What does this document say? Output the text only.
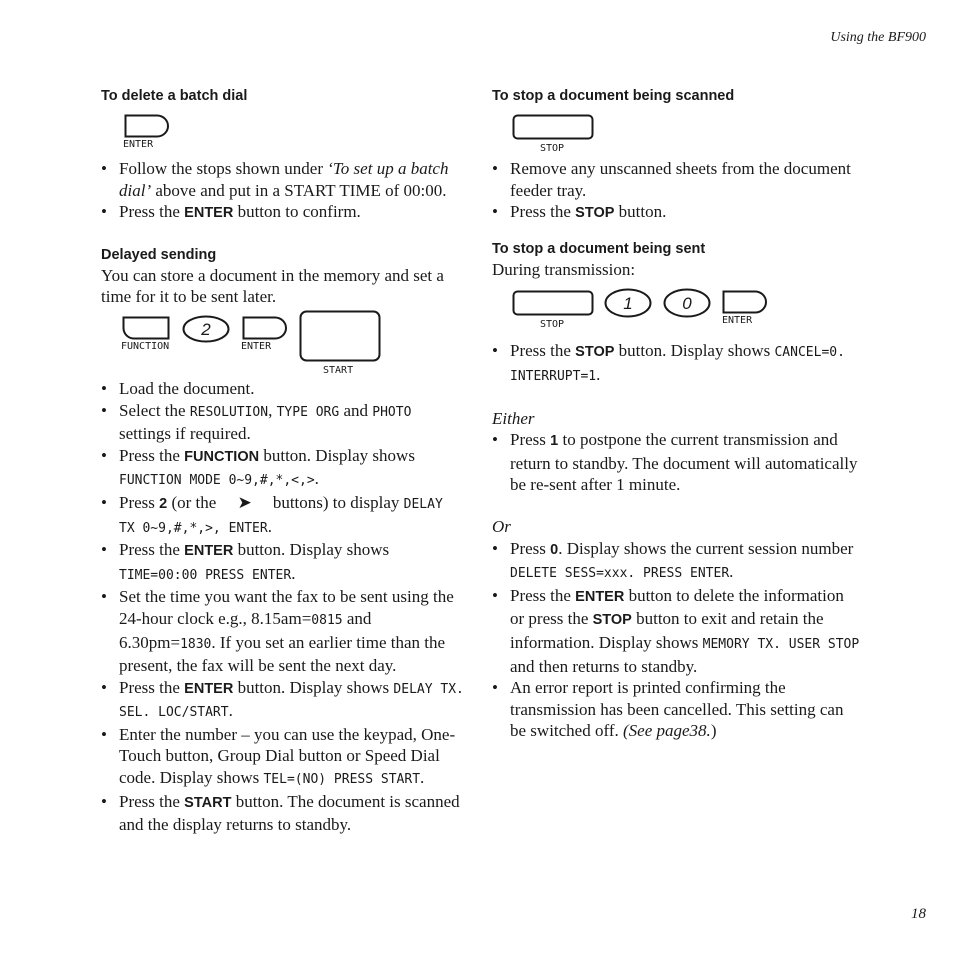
Using the BF900
To delete a batch dial
ENTER
• Follow the stops shown under ‘To set up a batch dial’ above and put in a START TIME of 00:00.
• Press the ENTER button to confirm.
Delayed sending

You can store a document in the memory and set a time for it to be sent later.

FUNCTION
2
ENTER
START
• Load the document.
• Select the RESOLUTION, TYPE ORG and PHOTO settings if required.
• Press the FUNCTION button. Display shows FUNCTION MODE 0~9,#,*,<,>.
• Press 2 (or the ➤ buttons) to display DELAY TX 0~9,#,*,>, ENTER.
• Press the ENTER button. Display shows TIME=00:00 PRESS ENTER.
• Set the time you want the fax to be sent using the 24-hour clock e.g., 8.15am=0815 and 6.30pm=1830. If you set an earlier time than the present, the fax will be sent the next day.
• Press the ENTER button. Display shows DELAY TX. SEL. LOC/START.
• Enter the number – you can use the keypad, One-Touch button, Group Dial button or Speed Dial code. Display shows TEL=(NO) PRESS START.
• Press the START button. The document is scanned and the display returns to standby.
To stop a document being scanned
STOP
• Remove any unscanned sheets from the document feeder tray.
• Press the STOP button.
To stop a document being sent

During transmission:

STOP
1	0
ENTER
• Press the STOP button. Display shows CANCEL=0. INTERRUPT=1.

Either

• Press 1 to postpone the current transmission and return to standby. The document will automatically be re-sent after 1 minute.

Or

• Press 0. Display shows the current session number DELETE SESS=xxx. PRESS ENTER.
• Press the ENTER button to delete the information or press the STOP button to exit and retain the information. Display shows MEMORY TX. USER STOP and then returns to standby.
• An error report is printed confirming the transmission has been cancelled. This setting can be switched off. (See page38.)
18
